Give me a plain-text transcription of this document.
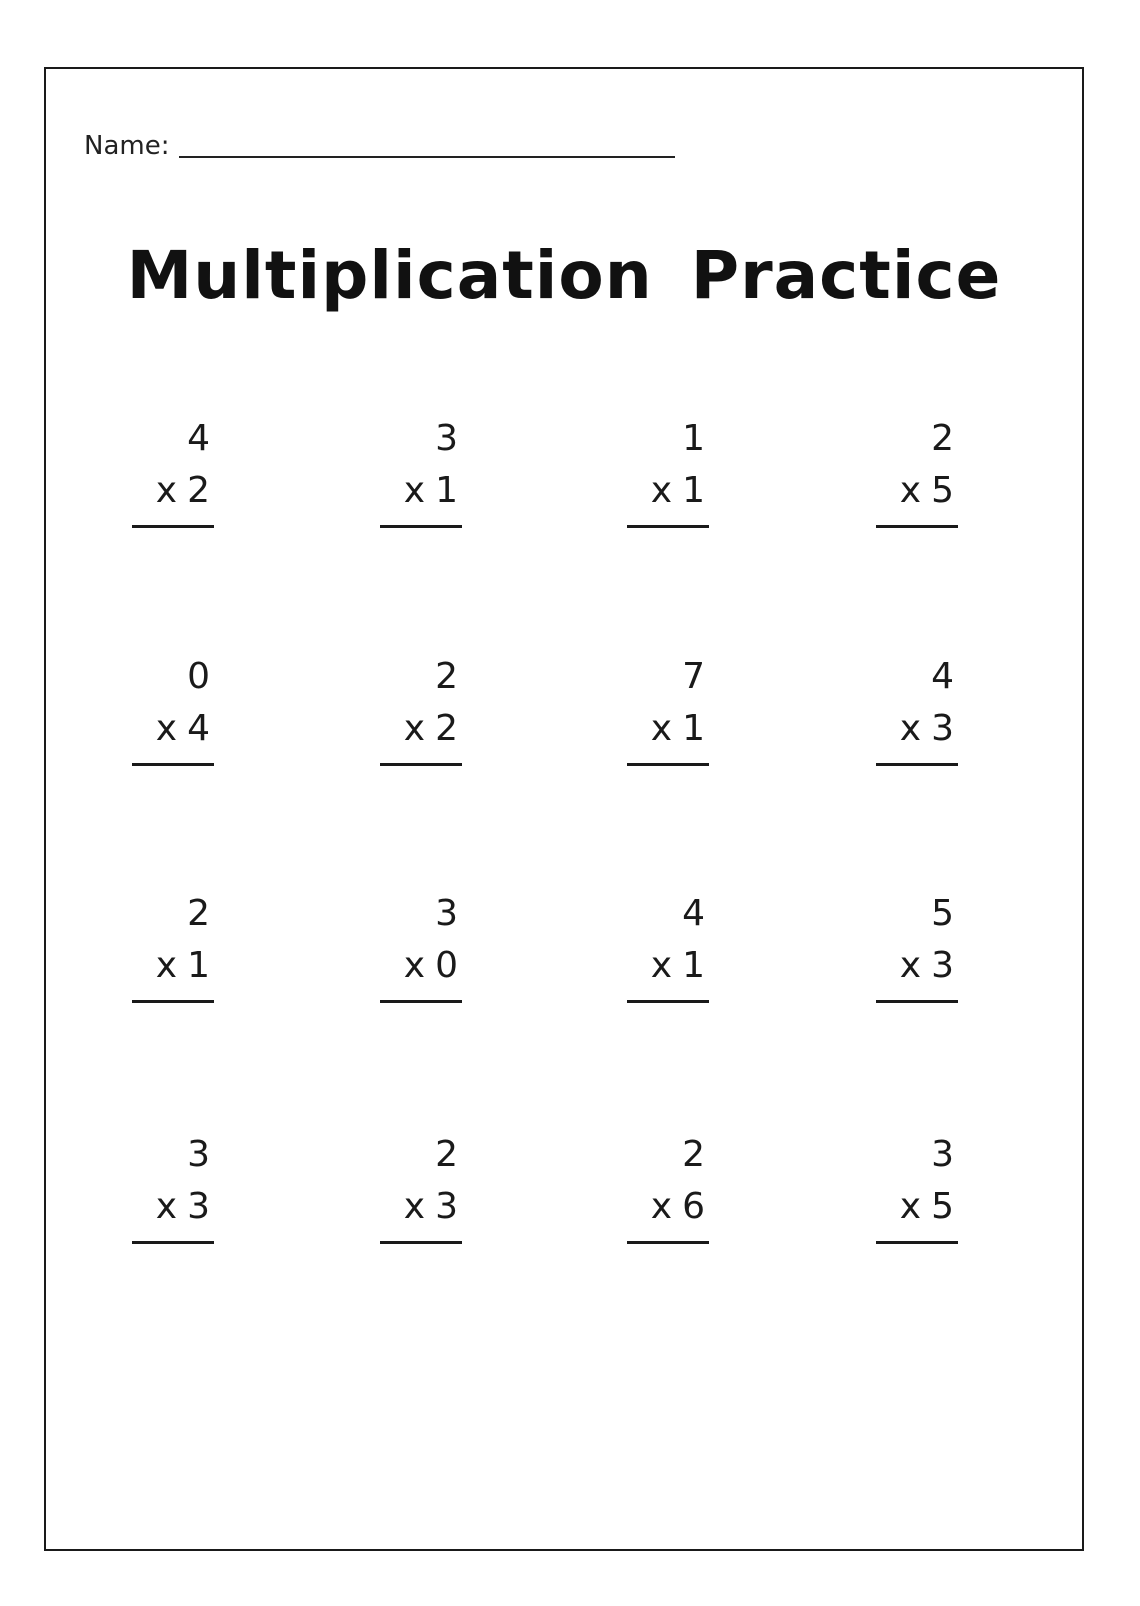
Name:
Multiplication Practice
4
x 2
3
x 1
1
x 1
2
x 5
0
x 4
2
x 2
7
x 1
4
x 3
2
x 1
3
x 0
4
x 1
5
x 3
3
x 3
2
x 3
2
x 6
3
x 5
